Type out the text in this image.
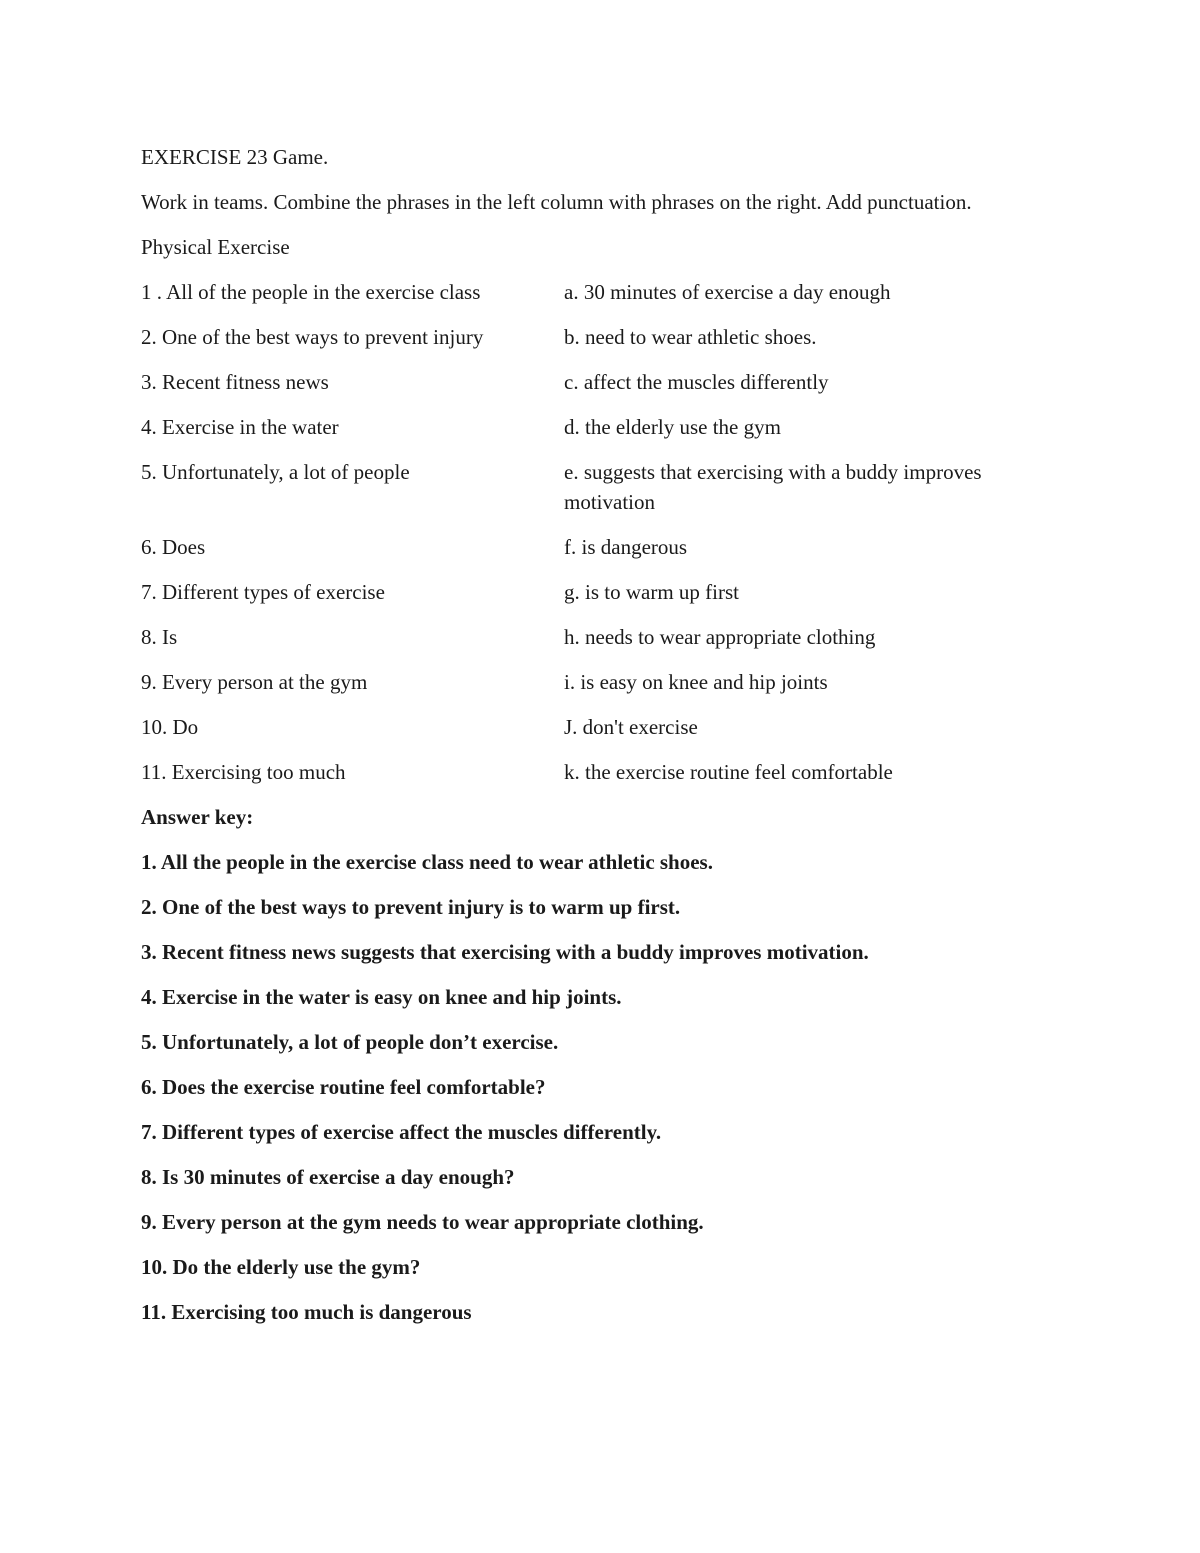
EXERCISE 23 Game.
Work in teams. Combine the phrases in the left column with phrases on the right. Add punctuation.
Physical Exercise
1 . All of the people in the exercise class	a. 30 minutes of exercise a day enough
2. One of the best ways to prevent injury	b. need to wear athletic shoes.
3. Recent fitness news	c. affect the muscles differently
4. Exercise in the water	d. the elderly use the gym
5. Unfortunately, a lot of people	e. suggests that exercising with a buddy improves motivation
6. Does	f. is dangerous
7. Different types of exercise	g. is to warm up first
8. Is	h. needs to wear appropriate clothing
9. Every person at the gym	i. is easy on knee and hip joints
10. Do	J. don't exercise
11. Exercising too much	k. the exercise routine feel comfortable
Answer key:
1. All the people in the exercise class need to wear athletic shoes.
2. One of the best ways to prevent injury is to warm up first.
3. Recent fitness news suggests that exercising with a buddy improves motivation.
4. Exercise in the water is easy on knee and hip joints.
5. Unfortunately, a lot of people don’t exercise.
6. Does the exercise routine feel comfortable?
7. Different types of exercise affect the muscles differently.
8. Is 30 minutes of exercise a day enough?
9. Every person at the gym needs to wear appropriate clothing.
10. Do the elderly use the gym?
11. Exercising too much is dangerous
